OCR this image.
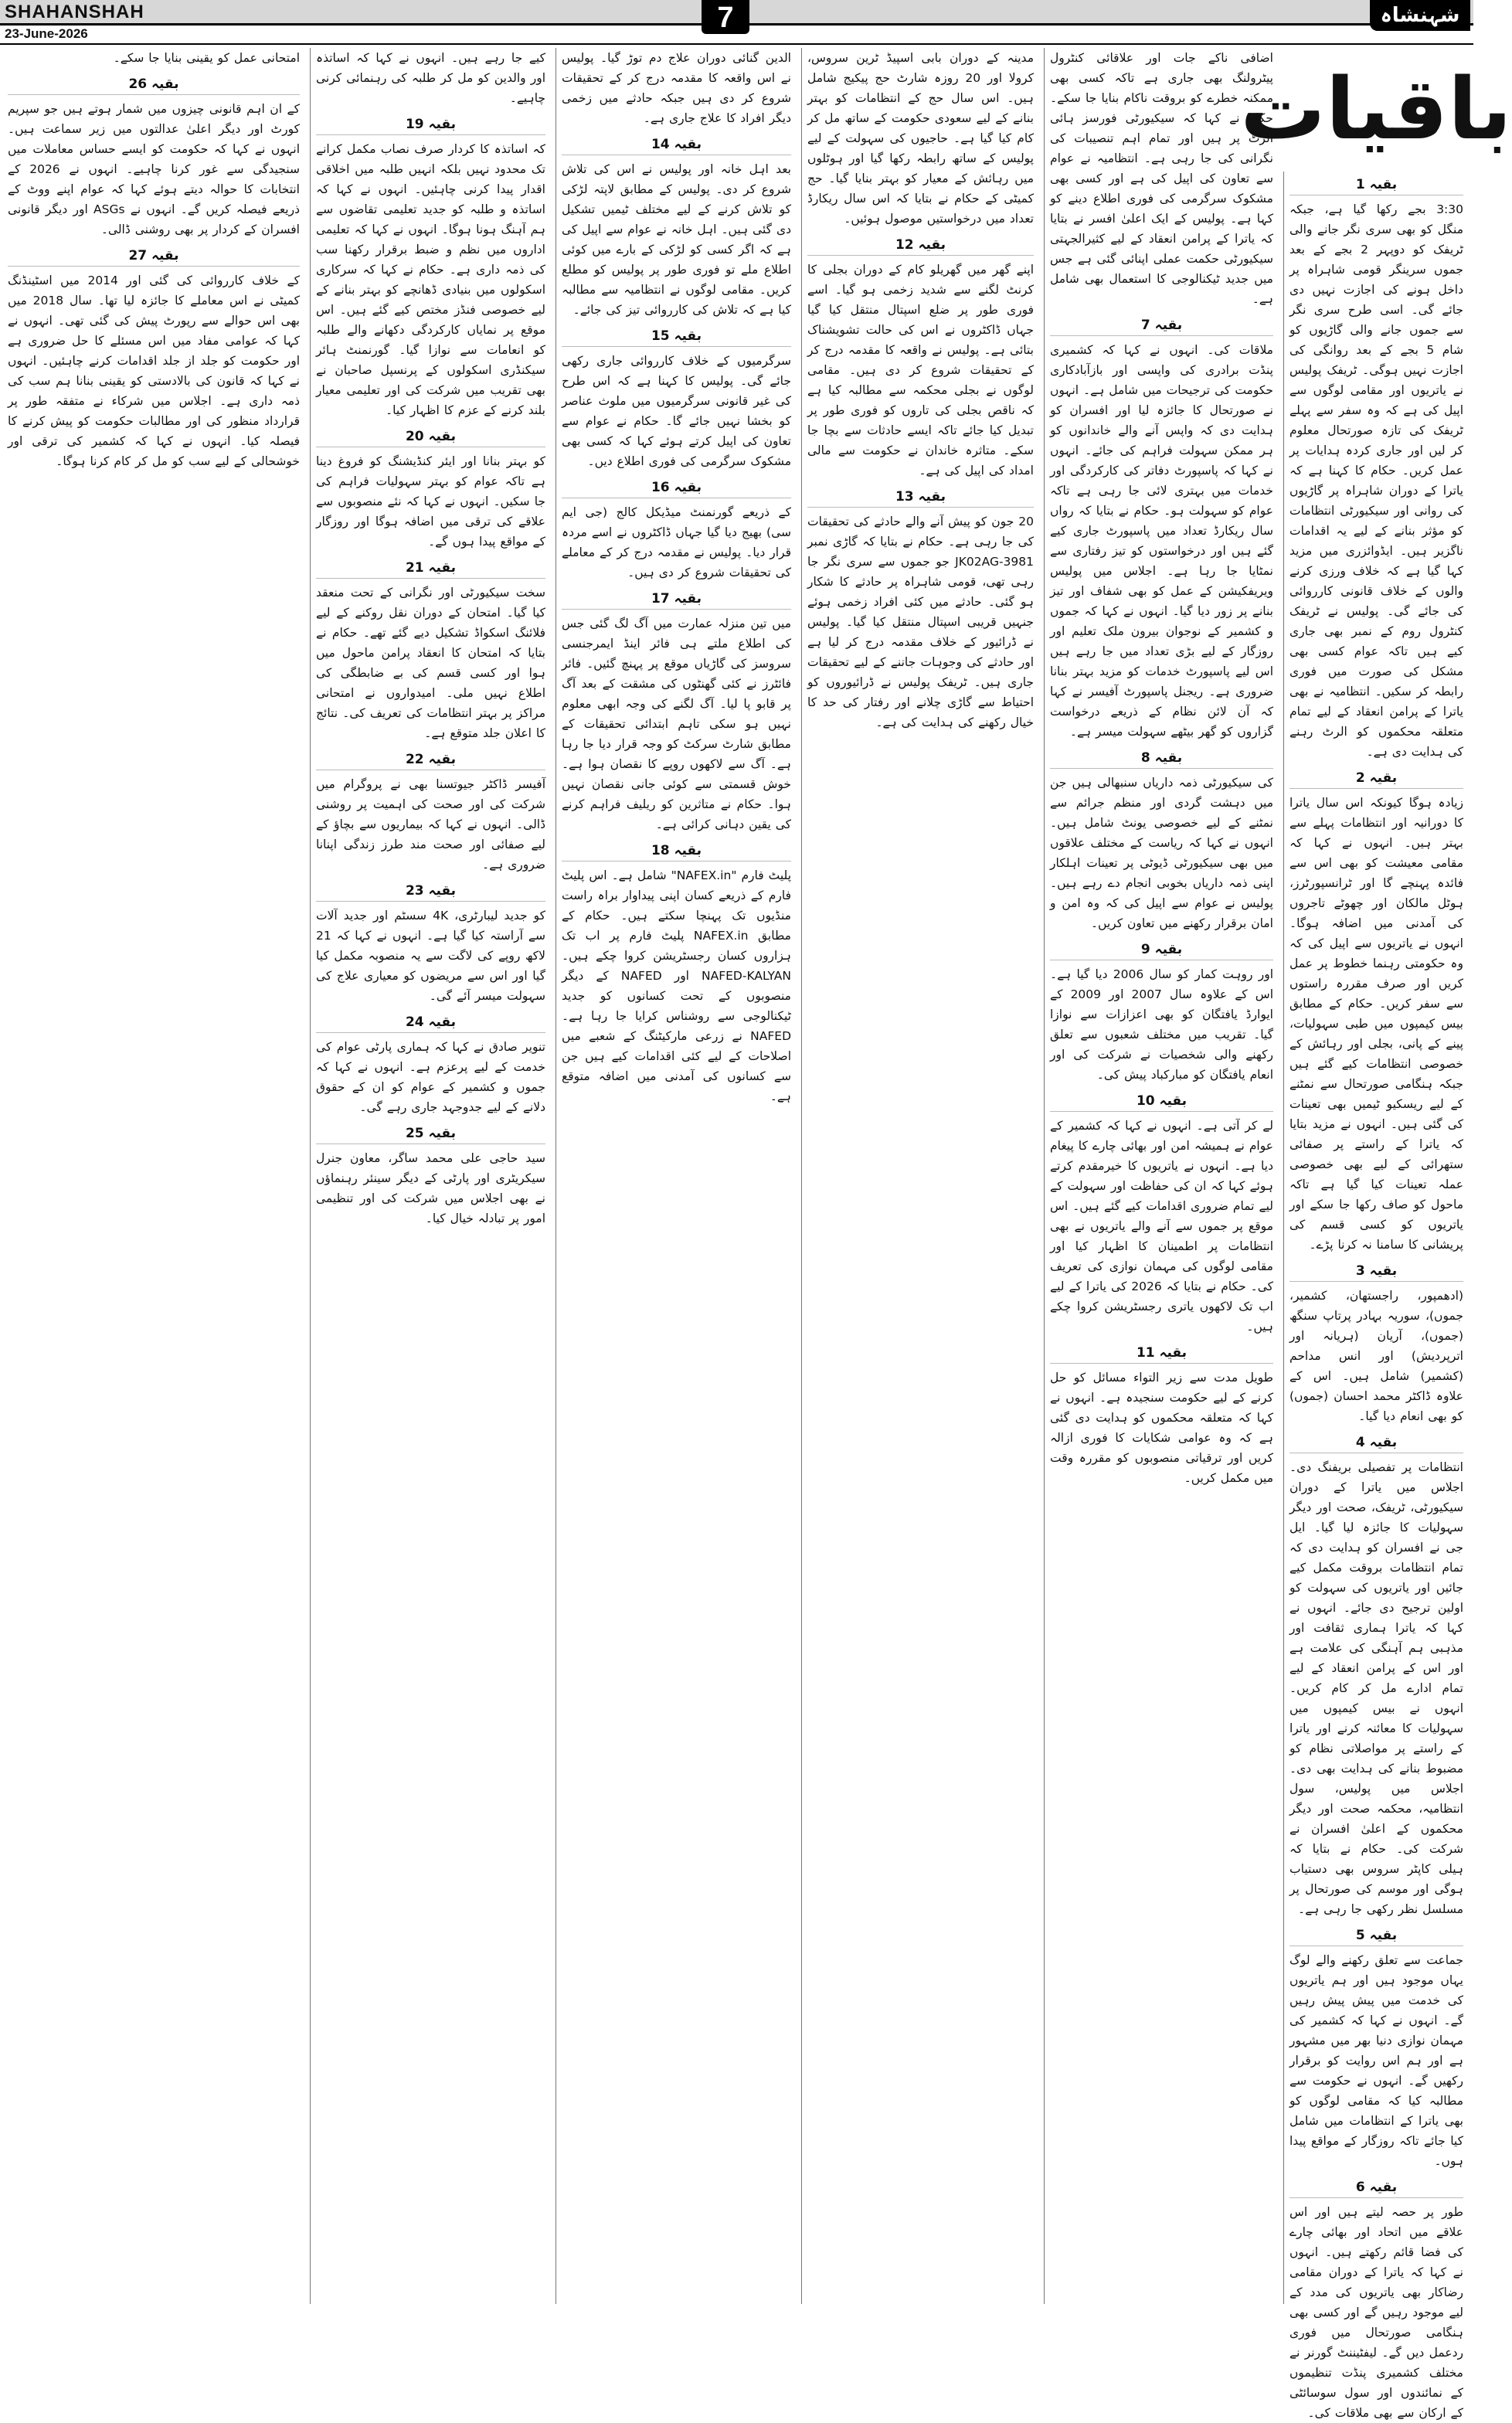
SHAHANSHAH
23-June-2026	7	شہنشاہ
باقیات
بقیہ 1

3:30 بجے رکھا گیا ہے، جبکہ منگل کو بھی سری نگر جانے والی ٹریفک کو دوپہر 2 بجے کے بعد جموں سرینگر قومی شاہراہ پر داخل ہونے کی اجازت نہیں دی جائے گی۔ اسی طرح سری نگر سے جموں جانے والی گاڑیوں کو شام 5 بجے کے بعد روانگی کی اجازت نہیں ہوگی۔ ٹریفک پولیس نے یاتریوں اور مقامی لوگوں سے اپیل کی ہے کہ وہ سفر سے پہلے ٹریفک کی تازہ صورتحال معلوم کر لیں اور جاری کردہ ہدایات پر عمل کریں۔ حکام کا کہنا ہے کہ یاترا کے دوران شاہراہ پر گاڑیوں کی روانی اور سیکیورٹی انتظامات کو مؤثر بنانے کے لیے یہ اقدامات ناگزیر ہیں۔ ایڈوائزری میں مزید کہا گیا ہے کہ خلاف ورزی کرنے والوں کے خلاف قانونی کارروائی کی جائے گی۔ پولیس نے ٹریفک کنٹرول روم کے نمبر بھی جاری کیے ہیں تاکہ عوام کسی بھی مشکل کی صورت میں فوری رابطہ کر سکیں۔ انتظامیہ نے بھی یاترا کے پرامن انعقاد کے لیے تمام متعلقہ محکموں کو الرٹ رہنے کی ہدایت دی ہے۔

بقیہ 2

زیادہ ہوگا کیونکہ اس سال یاترا کا دورانیہ اور انتظامات پہلے سے بہتر ہیں۔ انہوں نے کہا کہ مقامی معیشت کو بھی اس سے فائدہ پہنچے گا اور ٹرانسپورٹرز، ہوٹل مالکان اور چھوٹے تاجروں کی آمدنی میں اضافہ ہوگا۔ انہوں نے یاتریوں سے اپیل کی کہ وہ حکومتی رہنما خطوط پر عمل کریں اور صرف مقررہ راستوں سے سفر کریں۔ حکام کے مطابق بیس کیمپوں میں طبی سہولیات، پینے کے پانی، بجلی اور رہائش کے خصوصی انتظامات کیے گئے ہیں جبکہ ہنگامی صورتحال سے نمٹنے کے لیے ریسکیو ٹیمیں بھی تعینات کی گئی ہیں۔ انہوں نے مزید بتایا کہ یاترا کے راستے پر صفائی ستھرائی کے لیے بھی خصوصی عملہ تعینات کیا گیا ہے تاکہ ماحول کو صاف رکھا جا سکے اور یاتریوں کو کسی قسم کی پریشانی کا سامنا نہ کرنا پڑے۔

بقیہ 3

(ادھمپور، راجستھان، کشمیر، جموں)، سوریہ بہادر پرتاپ سنگھ (جموں)، آریان (ہریانہ اور اترپردیش) اور انس مداحم (کشمیر) شامل ہیں۔ اس کے علاوہ ڈاکٹر محمد احسان (جموں) کو بھی انعام دیا گیا۔

بقیہ 4

انتظامات پر تفصیلی بریفنگ دی۔ اجلاس میں یاترا کے دوران سیکیورٹی، ٹریفک، صحت اور دیگر سہولیات کا جائزہ لیا گیا۔ ایل جی نے افسران کو ہدایت دی کہ تمام انتظامات بروقت مکمل کیے جائیں اور یاتریوں کی سہولت کو اولین ترجیح دی جائے۔ انہوں نے کہا کہ یاترا ہماری ثقافت اور مذہبی ہم آہنگی کی علامت ہے اور اس کے پرامن انعقاد کے لیے تمام ادارے مل کر کام کریں۔ انہوں نے بیس کیمپوں میں سہولیات کا معائنہ کرنے اور یاترا کے راستے پر مواصلاتی نظام کو مضبوط بنانے کی ہدایت بھی دی۔ اجلاس میں پولیس، سول انتظامیہ، محکمہ صحت اور دیگر محکموں کے اعلیٰ افسران نے شرکت کی۔ حکام نے بتایا کہ ہیلی کاپٹر سروس بھی دستیاب ہوگی اور موسم کی صورتحال پر مسلسل نظر رکھی جا رہی ہے۔

بقیہ 5

جماعت سے تعلق رکھنے والے لوگ یہاں موجود ہیں اور ہم یاتریوں کی خدمت میں پیش پیش رہیں گے۔ انہوں نے کہا کہ کشمیر کی مہمان نوازی دنیا بھر میں مشہور ہے اور ہم اس روایت کو برقرار رکھیں گے۔ انہوں نے حکومت سے مطالبہ کیا کہ مقامی لوگوں کو بھی یاترا کے انتظامات میں شامل کیا جائے تاکہ روزگار کے مواقع پیدا ہوں۔

بقیہ 6

طور پر حصہ لیتے ہیں اور اس علاقے میں اتحاد اور بھائی چارے کی فضا قائم رکھتے ہیں۔ انہوں نے کہا کہ یاترا کے دوران مقامی رضاکار بھی یاتریوں کی مدد کے لیے موجود رہیں گے اور کسی بھی ہنگامی صورتحال میں فوری ردعمل دیں گے۔ لیفٹیننٹ گورنر نے مختلف کشمیری پنڈت تنظیموں کے نمائندوں اور سول سوسائٹی کے ارکان سے بھی ملاقات کی۔

اضافی ناکے جات اور علاقائی کنٹرول پیٹرولنگ بھی جاری ہے تاکہ کسی بھی ممکنہ خطرے کو بروقت ناکام بنایا جا سکے۔ حکام نے کہا کہ سیکیورٹی فورسز ہائی الرٹ پر ہیں اور تمام اہم تنصیبات کی نگرانی کی جا رہی ہے۔ انتظامیہ نے عوام سے تعاون کی اپیل کی ہے اور کسی بھی مشکوک سرگرمی کی فوری اطلاع دینے کو کہا ہے۔ پولیس کے ایک اعلیٰ افسر نے بتایا کہ یاترا کے پرامن انعقاد کے لیے کثیرالجہتی سیکیورٹی حکمت عملی اپنائی گئی ہے جس میں جدید ٹیکنالوجی کا استعمال بھی شامل ہے۔

بقیہ 7

ملاقات کی۔ انہوں نے کہا کہ کشمیری پنڈت برادری کی واپسی اور بازآبادکاری حکومت کی ترجیحات میں شامل ہے۔ انہوں نے صورتحال کا جائزہ لیا اور افسران کو ہدایت دی کہ واپس آنے والے خاندانوں کو ہر ممکن سہولت فراہم کی جائے۔ انہوں نے کہا کہ پاسپورٹ دفاتر کی کارکردگی اور خدمات میں بہتری لائی جا رہی ہے تاکہ عوام کو سہولت ہو۔ حکام نے بتایا کہ رواں سال ریکارڈ تعداد میں پاسپورٹ جاری کیے گئے ہیں اور درخواستوں کو تیز رفتاری سے نمٹایا جا رہا ہے۔ اجلاس میں پولیس ویریفکیشن کے عمل کو بھی شفاف اور تیز بنانے پر زور دیا گیا۔ انہوں نے کہا کہ جموں و کشمیر کے نوجوان بیرون ملک تعلیم اور روزگار کے لیے بڑی تعداد میں جا رہے ہیں اس لیے پاسپورٹ خدمات کو مزید بہتر بنانا ضروری ہے۔ ریجنل پاسپورٹ آفیسر نے کہا کہ آن لائن نظام کے ذریعے درخواست گزاروں کو گھر بیٹھے سہولت میسر ہے۔

بقیہ 8

کی سیکیورٹی ذمہ داریاں سنبھالی ہیں جن میں دہشت گردی اور منظم جرائم سے نمٹنے کے لیے خصوصی یونٹ شامل ہیں۔ انہوں نے کہا کہ ریاست کے مختلف علاقوں میں بھی سیکیورٹی ڈیوٹی پر تعینات اہلکار اپنی ذمہ داریاں بخوبی انجام دے رہے ہیں۔ پولیس نے عوام سے اپیل کی کہ وہ امن و امان برقرار رکھنے میں تعاون کریں۔

بقیہ 9

اور روہت کمار کو سال 2006 دیا گیا ہے۔ اس کے علاوہ سال 2007 اور 2009 کے ایوارڈ یافتگان کو بھی اعزازات سے نوازا گیا۔ تقریب میں مختلف شعبوں سے تعلق رکھنے والی شخصیات نے شرکت کی اور انعام یافتگان کو مبارکباد پیش کی۔

بقیہ 10

لے کر آتی ہے۔ انہوں نے کہا کہ کشمیر کے عوام نے ہمیشہ امن اور بھائی چارے کا پیغام دیا ہے۔ انہوں نے یاتریوں کا خیرمقدم کرتے ہوئے کہا کہ ان کی حفاظت اور سہولت کے لیے تمام ضروری اقدامات کیے گئے ہیں۔ اس موقع پر جموں سے آنے والے یاتریوں نے بھی انتظامات پر اطمینان کا اظہار کیا اور مقامی لوگوں کی مہمان نوازی کی تعریف کی۔ حکام نے بتایا کہ 2026 کی یاترا کے لیے اب تک لاکھوں یاتری رجسٹریشن کروا چکے ہیں۔

بقیہ 11

طویل مدت سے زیر التواء مسائل کو حل کرنے کے لیے حکومت سنجیدہ ہے۔ انہوں نے کہا کہ متعلقہ محکموں کو ہدایت دی گئی ہے کہ وہ عوامی شکایات کا فوری ازالہ کریں اور ترقیاتی منصوبوں کو مقررہ وقت میں مکمل کریں۔

مدینہ کے دوران بابی اسپیڈ ٹرین سروس، کرولا اور 20 روزہ شارٹ حج پیکیج شامل ہیں۔ اس سال حج کے انتظامات کو بہتر بنانے کے لیے سعودی حکومت کے ساتھ مل کر کام کیا گیا ہے۔ حاجیوں کی سہولت کے لیے پولیس کے ساتھ رابطہ رکھا گیا اور ہوٹلوں میں رہائش کے معیار کو بہتر بنایا گیا۔ حج کمیٹی کے حکام نے بتایا کہ اس سال ریکارڈ تعداد میں درخواستیں موصول ہوئیں۔

بقیہ 12

اپنے گھر میں گھریلو کام کے دوران بجلی کا کرنٹ لگنے سے شدید زخمی ہو گیا۔ اسے فوری طور پر ضلع اسپتال منتقل کیا گیا جہاں ڈاکٹروں نے اس کی حالت تشویشناک بتائی ہے۔ پولیس نے واقعہ کا مقدمہ درج کر کے تحقیقات شروع کر دی ہیں۔ مقامی لوگوں نے بجلی محکمہ سے مطالبہ کیا ہے کہ ناقص بجلی کی تاروں کو فوری طور پر تبدیل کیا جائے تاکہ ایسے حادثات سے بچا جا سکے۔ متاثرہ خاندان نے حکومت سے مالی امداد کی اپیل کی ہے۔

بقیہ 13

20 جون کو پیش آنے والے حادثے کی تحقیقات کی جا رہی ہے۔ حکام نے بتایا کہ گاڑی نمبر JK02AG-3981 جو جموں سے سری نگر جا رہی تھی، قومی شاہراہ پر حادثے کا شکار ہو گئی۔ حادثے میں کئی افراد زخمی ہوئے جنہیں قریبی اسپتال منتقل کیا گیا۔ پولیس نے ڈرائیور کے خلاف مقدمہ درج کر لیا ہے اور حادثے کی وجوہات جاننے کے لیے تحقیقات جاری ہیں۔ ٹریفک پولیس نے ڈرائیوروں کو احتیاط سے گاڑی چلانے اور رفتار کی حد کا خیال رکھنے کی ہدایت کی ہے۔

الدین گنائی دوران علاج دم توڑ گیا۔ پولیس نے اس واقعہ کا مقدمہ درج کر کے تحقیقات شروع کر دی ہیں جبکہ حادثے میں زخمی دیگر افراد کا علاج جاری ہے۔

بقیہ 14

بعد اہل خانہ اور پولیس نے اس کی تلاش شروع کر دی۔ پولیس کے مطابق لاپتہ لڑکی کو تلاش کرنے کے لیے مختلف ٹیمیں تشکیل دی گئی ہیں۔ اہل خانہ نے عوام سے اپیل کی ہے کہ اگر کسی کو لڑکی کے بارے میں کوئی اطلاع ملے تو فوری طور پر پولیس کو مطلع کریں۔ مقامی لوگوں نے انتظامیہ سے مطالبہ کیا ہے کہ تلاش کی کارروائی تیز کی جائے۔

بقیہ 15

سرگرمیوں کے خلاف کارروائی جاری رکھی جائے گی۔ پولیس کا کہنا ہے کہ اس طرح کی غیر قانونی سرگرمیوں میں ملوث عناصر کو بخشا نہیں جائے گا۔ حکام نے عوام سے تعاون کی اپیل کرتے ہوئے کہا کہ کسی بھی مشکوک سرگرمی کی فوری اطلاع دیں۔

بقیہ 16

کے ذریعے گورنمنٹ میڈیکل کالج (جی ایم سی) بھیج دیا گیا جہاں ڈاکٹروں نے اسے مردہ قرار دیا۔ پولیس نے مقدمہ درج کر کے معاملے کی تحقیقات شروع کر دی ہیں۔

بقیہ 17

میں تین منزلہ عمارت میں آگ لگ گئی جس کی اطلاع ملتے ہی فائر اینڈ ایمرجنسی سروسز کی گاڑیاں موقع پر پہنچ گئیں۔ فائر فائٹرز نے کئی گھنٹوں کی مشقت کے بعد آگ پر قابو پا لیا۔ آگ لگنے کی وجہ ابھی معلوم نہیں ہو سکی تاہم ابتدائی تحقیقات کے مطابق شارٹ سرکٹ کو وجہ قرار دیا جا رہا ہے۔ آگ سے لاکھوں روپے کا نقصان ہوا ہے۔ خوش قسمتی سے کوئی جانی نقصان نہیں ہوا۔ حکام نے متاثرین کو ریلیف فراہم کرنے کی یقین دہانی کرائی ہے۔

بقیہ 18

پلیٹ فارم "NAFEX.in" شامل ہے۔ اس پلیٹ فارم کے ذریعے کسان اپنی پیداوار براہ راست منڈیوں تک پہنچا سکتے ہیں۔ حکام کے مطابق NAFEX.in پلیٹ فارم پر اب تک ہزاروں کسان رجسٹریشن کروا چکے ہیں۔ NAFED-KALYAN اور NAFED کے دیگر منصوبوں کے تحت کسانوں کو جدید ٹیکنالوجی سے روشناس کرایا جا رہا ہے۔ NAFED نے زرعی مارکیٹنگ کے شعبے میں اصلاحات کے لیے کئی اقدامات کیے ہیں جن سے کسانوں کی آمدنی میں اضافہ متوقع ہے۔

کیے جا رہے ہیں۔ انہوں نے کہا کہ اساتذہ اور والدین کو مل کر طلبہ کی رہنمائی کرنی چاہیے۔

بقیہ 19

کہ اساتذہ کا کردار صرف نصاب مکمل کرانے تک محدود نہیں بلکہ انہیں طلبہ میں اخلاقی اقدار پیدا کرنی چاہئیں۔ انہوں نے کہا کہ اساتذہ و طلبہ کو جدید تعلیمی تقاضوں سے ہم آہنگ ہونا ہوگا۔ انہوں نے کہا کہ تعلیمی اداروں میں نظم و ضبط برقرار رکھنا سب کی ذمہ داری ہے۔ حکام نے کہا کہ سرکاری اسکولوں میں بنیادی ڈھانچے کو بہتر بنانے کے لیے خصوصی فنڈز مختص کیے گئے ہیں۔ اس موقع پر نمایاں کارکردگی دکھانے والے طلبہ کو انعامات سے نوازا گیا۔ گورنمنٹ ہائر سیکنڈری اسکولوں کے پرنسپل صاحبان نے بھی تقریب میں شرکت کی اور تعلیمی معیار بلند کرنے کے عزم کا اظہار کیا۔

بقیہ 20

کو بہتر بنانا اور ایئر کنڈیشنگ کو فروغ دینا ہے تاکہ عوام کو بہتر سہولیات فراہم کی جا سکیں۔ انہوں نے کہا کہ نئے منصوبوں سے علاقے کی ترقی میں اضافہ ہوگا اور روزگار کے مواقع پیدا ہوں گے۔

بقیہ 21

سخت سیکیورٹی اور نگرانی کے تحت منعقد کیا گیا۔ امتحان کے دوران نقل روکنے کے لیے فلائنگ اسکواڈ تشکیل دیے گئے تھے۔ حکام نے بتایا کہ امتحان کا انعقاد پرامن ماحول میں ہوا اور کسی قسم کی بے ضابطگی کی اطلاع نہیں ملی۔ امیدواروں نے امتحانی مراکز پر بہتر انتظامات کی تعریف کی۔ نتائج کا اعلان جلد متوقع ہے۔

بقیہ 22

آفیسر ڈاکٹر جیوتسنا بھی نے پروگرام میں شرکت کی اور صحت کی اہمیت پر روشنی ڈالی۔ انہوں نے کہا کہ بیماریوں سے بچاؤ کے لیے صفائی اور صحت مند طرز زندگی اپنانا ضروری ہے۔

بقیہ 23

کو جدید لیبارٹری، 4K سسٹم اور جدید آلات سے آراستہ کیا گیا ہے۔ انہوں نے کہا کہ 21 لاکھ روپے کی لاگت سے یہ منصوبہ مکمل کیا گیا اور اس سے مریضوں کو معیاری علاج کی سہولت میسر آئے گی۔

بقیہ 24

تنویر صادق نے کہا کہ ہماری پارٹی عوام کی خدمت کے لیے پرعزم ہے۔ انہوں نے کہا کہ جموں و کشمیر کے عوام کو ان کے حقوق دلانے کے لیے جدوجہد جاری رہے گی۔

بقیہ 25

سید حاجی علی محمد ساگر، معاون جنرل سیکریٹری اور پارٹی کے دیگر سینئر رہنماؤں نے بھی اجلاس میں شرکت کی اور تنظیمی امور پر تبادلہ خیال کیا۔

امتحانی عمل کو یقینی بنایا جا سکے۔

بقیہ 26

کے ان اہم قانونی چیزوں میں شمار ہوتے ہیں جو سپریم کورٹ اور دیگر اعلیٰ عدالتوں میں زیر سماعت ہیں۔ انہوں نے کہا کہ حکومت کو ایسے حساس معاملات میں سنجیدگی سے غور کرنا چاہیے۔ انہوں نے 2026 کے انتخابات کا حوالہ دیتے ہوئے کہا کہ عوام اپنے ووٹ کے ذریعے فیصلہ کریں گے۔ انہوں نے ASGs اور دیگر قانونی افسران کے کردار پر بھی روشنی ڈالی۔

بقیہ 27

کے خلاف کارروائی کی گئی اور 2014 میں اسٹینڈنگ کمیٹی نے اس معاملے کا جائزہ لیا تھا۔ سال 2018 میں بھی اس حوالے سے رپورٹ پیش کی گئی تھی۔ انہوں نے کہا کہ عوامی مفاد میں اس مسئلے کا حل ضروری ہے اور حکومت کو جلد از جلد اقدامات کرنے چاہئیں۔ انہوں نے کہا کہ قانون کی بالادستی کو یقینی بنانا ہم سب کی ذمہ داری ہے۔ اجلاس میں شرکاء نے متفقہ طور پر قرارداد منظور کی اور مطالبات حکومت کو پیش کرنے کا فیصلہ کیا۔ انہوں نے کہا کہ کشمیر کی ترقی اور خوشحالی کے لیے سب کو مل کر کام کرنا ہوگا۔
